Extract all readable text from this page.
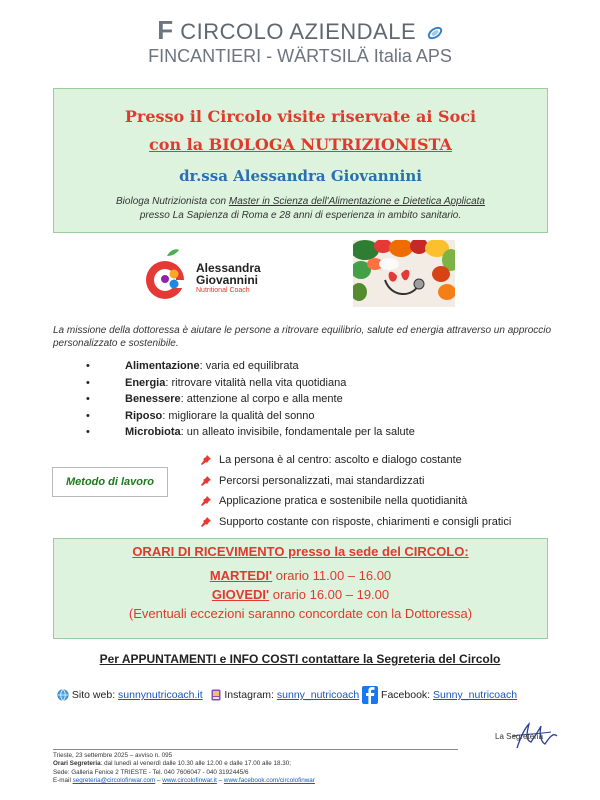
F CIRCOLO AZIENDALE
FINCANTIERI - WÄRTSILÄ Italia APS
Presso il Circolo visite riservate ai Soci
con la BIOLOGA NUTRIZIONISTA
dr.ssa Alessandra Giovannini
Biologa Nutrizionista con Master in Scienza dell'Alimentazione e Dietetica Applicata
presso La Sapienza di Roma e 28 anni di esperienza in ambito sanitario.
Alessandra
Giovannini
Nutritional Coach
La missione della dottoressa è aiutare le persone a ritrovare equilibrio, salute ed energia attraverso un approccio personalizzato e sostenibile.
•	Alimentazione: varia ed equilibrata
•	Energia: ritrovare vitalità nella vita quotidiana
•	Benessere: attenzione al corpo e alla mente
•	Riposo: migliorare la qualità del sonno
•	Microbiota: un alleato invisibile, fondamentale per la salute
Metodo di lavoro
La persona è al centro: ascolto e dialogo costante
Percorsi personalizzati, mai standardizzati
Applicazione pratica e sostenibile nella quotidianità
Supporto costante con risposte, chiarimenti e consigli pratici
ORARI DI RICEVIMENTO presso la sede del CIRCOLO:
MARTEDI' orario 11.00 – 16.00
GIOVEDI' orario 16.00 – 19.00
(Eventuali eccezioni saranno concordate con la Dottoressa)
Per APPUNTAMENTI e INFO COSTI contattare la Segreteria del Circolo
Sito web: sunnynutricoach.it    Instagram: sunny_nutricoach  Facebook: Sunny_nutricoach
La Segreteria
Trieste, 23 settembre 2025 – avviso n. 095
Orari Segreteria: dal lunedì al venerdì dalle 10.30 alle 12.00 e dalle 17.00 alle 18.30;
Sede: Galleria Fenice 2 TRIESTE - Tel. 040 7606047 - 040 3192445/6
E-mail segreteria@circolofinwar.com – www.circolofinwar.it – www.facebook.com/circolofinwar
